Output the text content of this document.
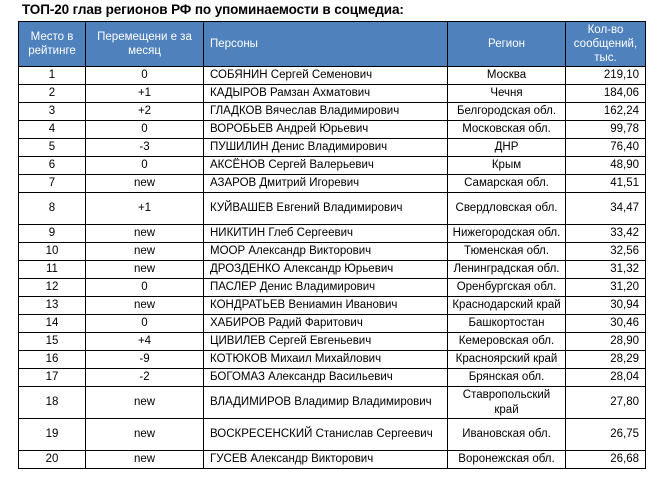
ТОП-20 глав регионов РФ по упоминаемости в соцмедиа:
Место в рейтинге	Перемещени е за месяц	Персоны	Регион	Кол-во сообщений, тыс.
1	0	СОБЯНИН Сергей Семенович	Москва	219,10
2	+1	КАДЫРОВ Рамзан Ахматович	Чечня	184,06
3	+2	ГЛАДКОВ Вячеслав Владимирович	Белгородская обл.	162,24
4	0	ВОРОБЬЕВ Андрей Юрьевич	Московская обл.	99,78
5	-3	ПУШИЛИН Денис Владимирович	ДНР	76,40
6	0	АКСЁНОВ Сергей Валерьевич	Крым	48,90
7	new	АЗАРОВ Дмитрий Игоревич	Самарская обл.	41,51
8	+1	КУЙВАШЕВ Евгений Владимирович	Свердловская обл.	34,47
9	new	НИКИТИН Глеб Сергеевич	Нижегородская обл.	33,42
10	new	МООР Александр Викторович	Тюменская обл.	32,56
11	new	ДРОЗДЕНКО Александр Юрьевич	Ленинградская обл.	31,32
12	0	ПАСЛЕР Денис Владимирович	Оренбургская обл.	31,20
13	new	КОНДРАТЬЕВ Вениамин Иванович	Краснодарский край	30,94
14	0	ХАБИРОВ Радий Фаритович	Башкортостан	30,46
15	+4	ЦИВИЛЕВ Сергей Евгеньевич	Кемеровская обл.	28,90
16	-9	КОТЮКОВ Михаил Михайлович	Красноярский край	28,29
17	-2	БОГОМАЗ Александр Васильевич	Брянская обл.	28,04
18	new	ВЛАДИМИРОВ Владимир Владимирович	Ставропольский край	27,80
19	new	ВОСКРЕСЕНСКИЙ Станислав Сергеевич	Ивановская обл.	26,75
20	new	ГУСЕВ Александр Викторович	Воронежская обл.	26,68
